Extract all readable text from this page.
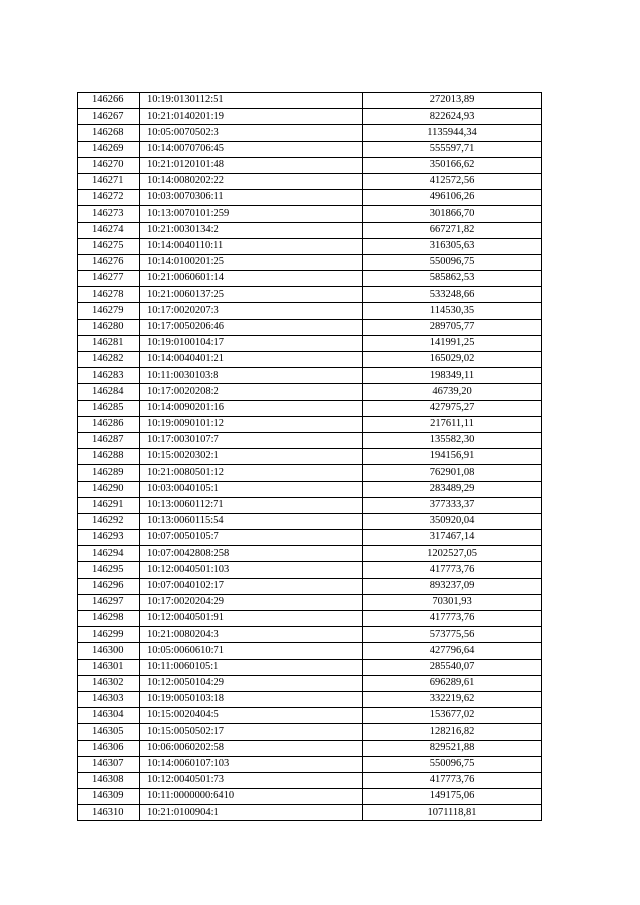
146266	10:19:0130112:51	272013,89
146267	10:21:0140201:19	822624,93
146268	10:05:0070502:3	1135944,34
146269	10:14:0070706:45	555597,71
146270	10:21:0120101:48	350166,62
146271	10:14:0080202:22	412572,56
146272	10:03:0070306:11	496106,26
146273	10:13:0070101:259	301866,70
146274	10:21:0030134:2	667271,82
146275	10:14:0040110:11	316305,63
146276	10:14:0100201:25	550096,75
146277	10:21:0060601:14	585862,53
146278	10:21:0060137:25	533248,66
146279	10:17:0020207:3	114530,35
146280	10:17:0050206:46	289705,77
146281	10:19:0100104:17	141991,25
146282	10:14:0040401:21	165029,02
146283	10:11:0030103:8	198349,11
146284	10:17:0020208:2	46739,20
146285	10:14:0090201:16	427975,27
146286	10:19:0090101:12	217611,11
146287	10:17:0030107:7	135582,30
146288	10:15:0020302:1	194156,91
146289	10:21:0080501:12	762901,08
146290	10:03:0040105:1	283489,29
146291	10:13:0060112:71	377333,37
146292	10:13:0060115:54	350920,04
146293	10:07:0050105:7	317467,14
146294	10:07:0042808:258	1202527,05
146295	10:12:0040501:103	417773,76
146296	10:07:0040102:17	893237,09
146297	10:17:0020204:29	70301,93
146298	10:12:0040501:91	417773,76
146299	10:21:0080204:3	573775,56
146300	10:05:0060610:71	427796,64
146301	10:11:0060105:1	285540,07
146302	10:12:0050104:29	696289,61
146303	10:19:0050103:18	332219,62
146304	10:15:0020404:5	153677,02
146305	10:15:0050502:17	128216,82
146306	10:06:0060202:58	829521,88
146307	10:14:0060107:103	550096,75
146308	10:12:0040501:73	417773,76
146309	10:11:0000000:6410	149175,06
146310	10:21:0100904:1	1071118,81
